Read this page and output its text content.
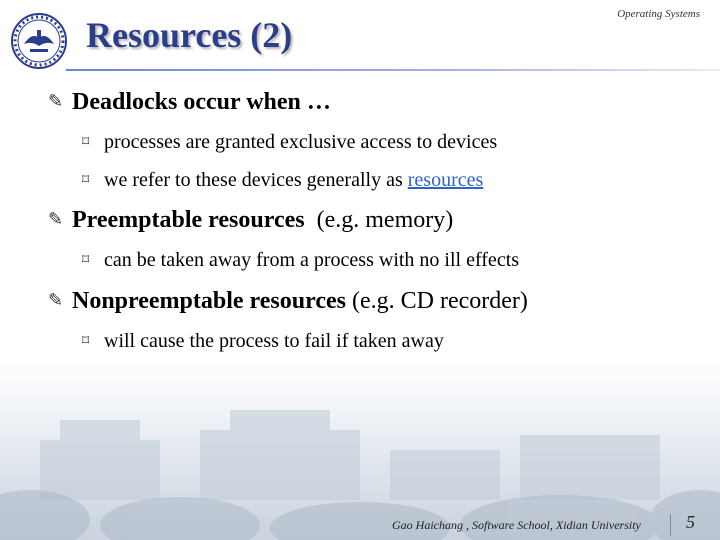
Resources (2)
Operating Systems
✎ Deadlocks occur when …
⌑ processes are granted exclusive access to devices
⌑ we refer to these devices generally as resources
✎ Preemptable resources  (e.g. memory)
⌑ can be taken away from a process with no ill effects
✎ Nonpreemptable resources (e.g. CD recorder)
⌑ will cause the process to fail if taken away
Gao Haichang , Software School, Xidian University	5
